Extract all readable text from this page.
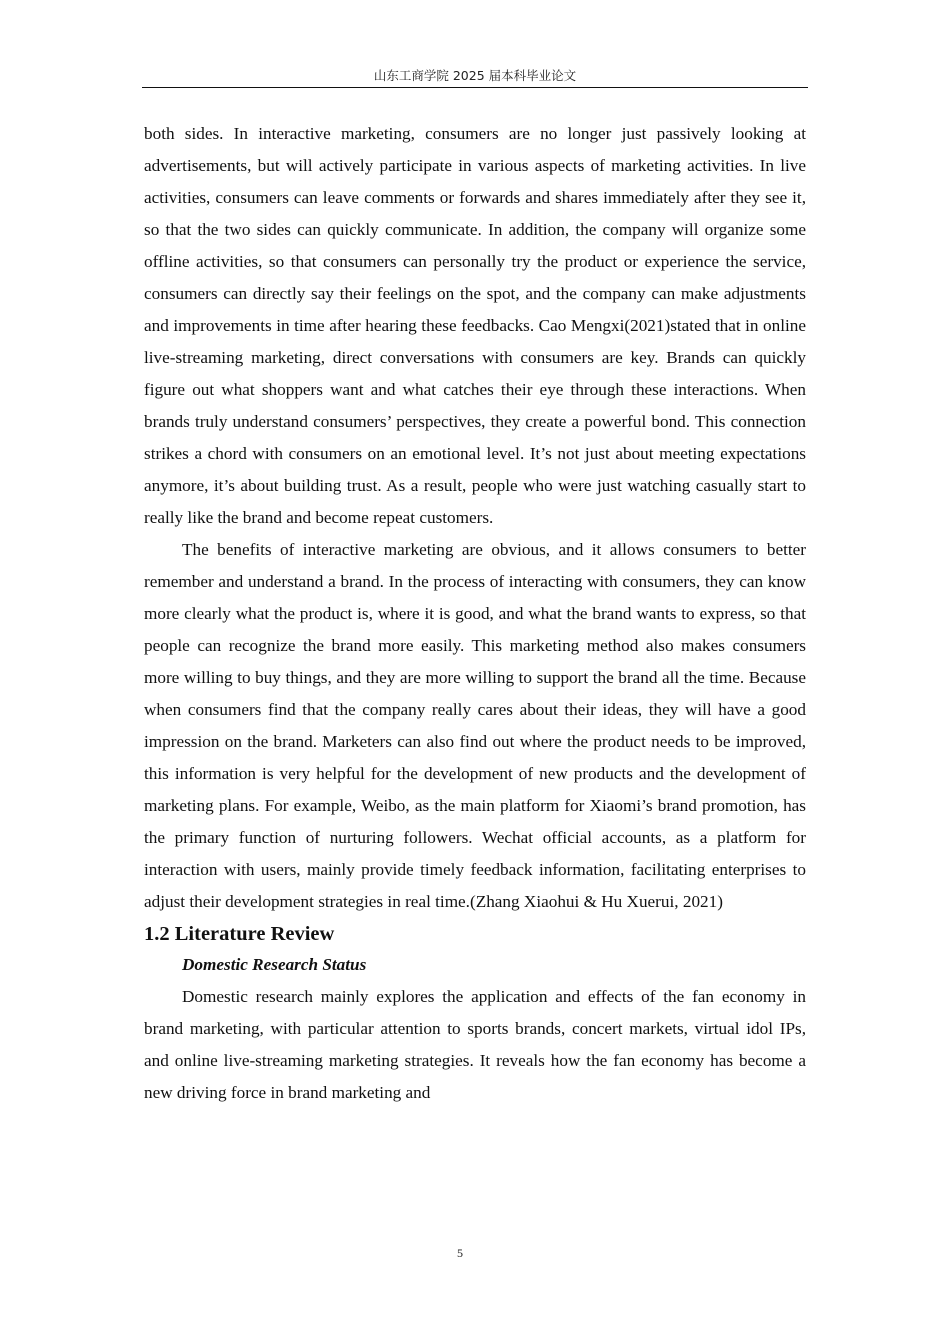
山东工商学院 2025 届本科毕业论文

both sides. In interactive marketing, consumers are no longer just passively looking at advertisements, but will actively participate in various aspects of marketing activities. In live activities, consumers can leave comments or forwards and shares immediately after they see it, so that the two sides can quickly communicate. In addition, the company will organize some offline activities, so that consumers can personally try the product or experience the service, consumers can directly say their feelings on the spot, and the company can make adjustments and improvements in time after hearing these feedbacks. Cao Mengxi(2021)stated that in online live-streaming marketing, direct conversations with consumers are key. Brands can quickly figure out what shoppers want and what catches their eye through these interactions. When brands truly understand consumers’ perspectives, they create a powerful bond. This connection strikes a chord with consumers on an emotional level. It’s not just about meeting expectations anymore, it’s about building trust. As a result, people who were just watching casually start to really like the brand and become repeat customers.

The benefits of interactive marketing are obvious, and it allows consumers to better remember and understand a brand. In the process of interacting with consumers, they can know more clearly what the product is, where it is good, and what the brand wants to express, so that people can recognize the brand more easily. This marketing method also makes consumers more willing to buy things, and they are more willing to support the brand all the time. Because when consumers find that the company really cares about their ideas, they will have a good impression on the brand. Marketers can also find out where the product needs to be improved, this information is very helpful for the development of new products and the development of marketing plans. For example, Weibo, as the main platform for Xiaomi’s brand promotion, has the primary function of nurturing followers. Wechat official accounts, as a platform for interaction with users, mainly provide timely feedback information, facilitating enterprises to adjust their development strategies in real time.(Zhang Xiaohui & Hu Xuerui, 2021)

1.2 Literature Review
Domestic Research Status

Domestic research mainly explores the application and effects of the fan economy in brand marketing, with particular attention to sports brands, concert markets, virtual idol IPs, and online live-streaming marketing strategies. It reveals how the fan economy has become a new driving force in brand marketing and

5
